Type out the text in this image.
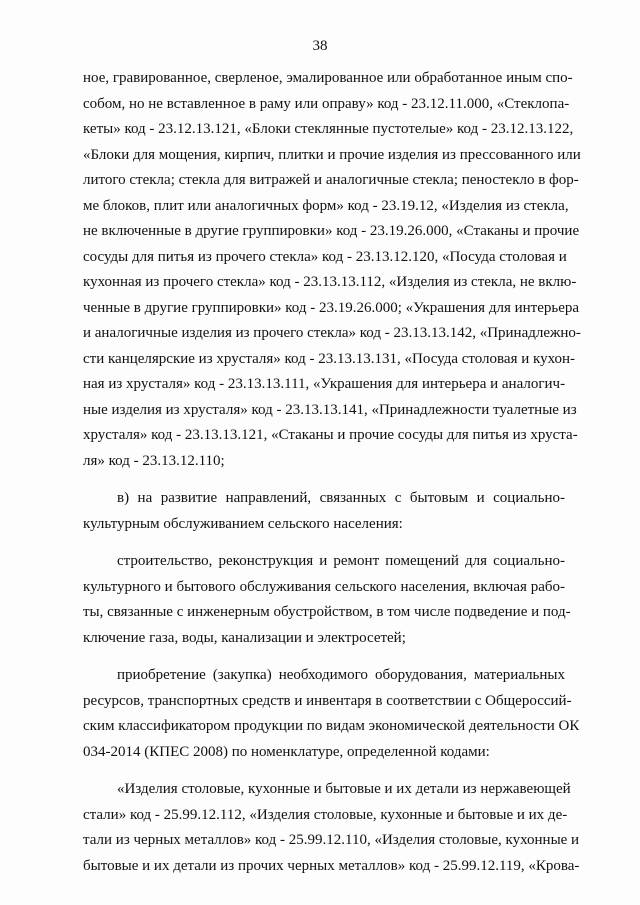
38
ное, гравированное, сверленое, эмалированное или обработанное иным спо-
собом, но не вставленное в раму или оправу» код - 23.12.11.000, «Стеклопа-
кеты» код - 23.12.13.121, «Блоки стеклянные пустотелые» код - 23.12.13.122,
«Блоки для мощения, кирпич, плитки и прочие изделия из прессованного или
литого стекла; стекла для витражей и аналогичные стекла; пеностекло в фор-
ме блоков, плит или аналогичных форм» код - 23.19.12, «Изделия из стекла,
не включенные в другие группировки» код - 23.19.26.000, «Стаканы и прочие
сосуды для питья из прочего стекла» код - 23.13.12.120, «Посуда столовая и
кухонная из прочего стекла» код - 23.13.13.112, «Изделия из стекла, не вклю-
ченные в другие группировки» код - 23.19.26.000; «Украшения для интерьера
и аналогичные изделия из прочего стекла» код - 23.13.13.142, «Принадлежно-
сти канцелярские из хрусталя» код - 23.13.13.131, «Посуда столовая и кухон-
ная из хрусталя» код - 23.13.13.111, «Украшения для интерьера и аналогич-
ные изделия из хрусталя» код - 23.13.13.141, «Принадлежности туалетные из
хрусталя» код - 23.13.13.121, «Стаканы и прочие сосуды для питья из хруста-
ля» код - 23.13.12.110;
в) на развитие направлений, связанных с бытовым и социально-
культурным обслуживанием сельского населения:
строительство, реконструкция и ремонт помещений для социально-
культурного и бытового обслуживания сельского населения, включая рабо-
ты, связанные с инженерным обустройством, в том числе подведение и под-
ключение газа, воды, канализации и электросетей;
приобретение (закупка) необходимого оборудования, материальных
ресурсов, транспортных средств и инвентаря в соответствии с Общероссий-
ским классификатором продукции по видам экономической деятельности ОК
034-2014 (КПЕС 2008) по номенклатуре, определенной кодами:
«Изделия столовые, кухонные и бытовые и их детали из нержавеющей
стали» код - 25.99.12.112, «Изделия столовые, кухонные и бытовые и их де-
тали из черных металлов» код - 25.99.12.110, «Изделия столовые, кухонные и
бытовые и их детали из прочих черных металлов» код - 25.99.12.119, «Крова-
